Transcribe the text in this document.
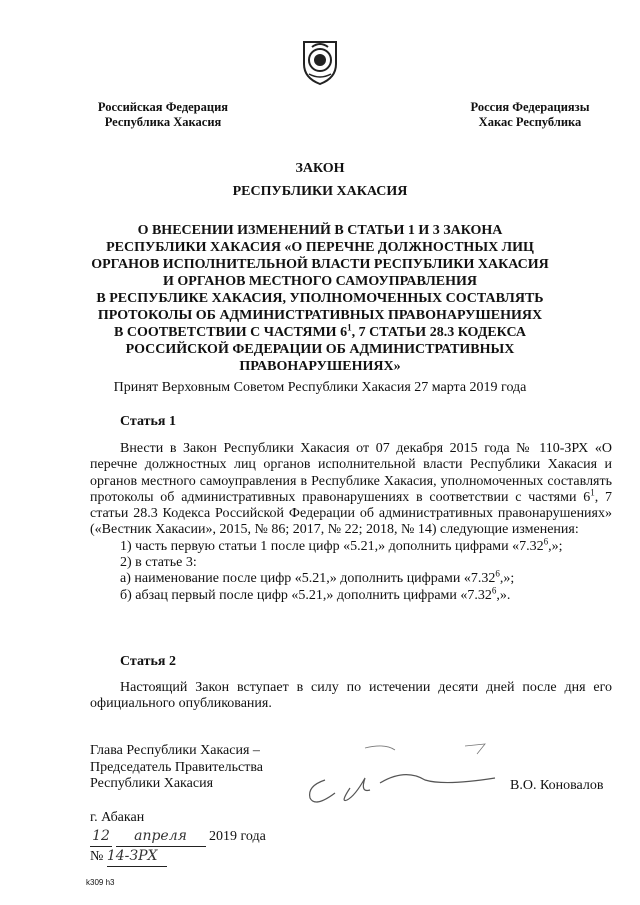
Российская Федерация
Республика Хакасия
Россия Федерациязы
Хакас Республика
ЗАКОН
РЕСПУБЛИКИ ХАКАСИЯ
О ВНЕСЕНИИ ИЗМЕНЕНИЙ В СТАТЬИ 1 И 3 ЗАКОНА
РЕСПУБЛИКИ ХАКАСИЯ «О ПЕРЕЧНЕ ДОЛЖНОСТНЫХ ЛИЦ
ОРГАНОВ ИСПОЛНИТЕЛЬНОЙ ВЛАСТИ РЕСПУБЛИКИ ХАКАСИЯ
И ОРГАНОВ МЕСТНОГО САМОУПРАВЛЕНИЯ
В РЕСПУБЛИКЕ ХАКАСИЯ, УПОЛНОМОЧЕННЫХ СОСТАВЛЯТЬ
ПРОТОКОЛЫ ОБ АДМИНИСТРАТИВНЫХ ПРАВОНАРУШЕНИЯХ
В СООТВЕТСТВИИ С ЧАСТЯМИ $6^1$, 7 СТАТЬИ 28.3 КОДЕКСА
РОССИЙСКОЙ ФЕДЕРАЦИИ ОБ АДМИНИСТРАТИВНЫХ
ПРАВОНАРУШЕНИЯХ»
Принят Верховным Советом Республики Хакасия 27 марта 2019 года
Статья 1

Внести в Закон Республики Хакасия от 07 декабря 2015 года № 110-ЗРХ «О перечне должностных лиц органов исполнительной власти Республики Хакасия и органов местного самоуправления в Республике Хакасия, уполномоченных составлять протоколы об административных правонарушениях в соответствии с частями $6^1$, 7 статьи 28.3 Кодекса Российской Федерации об административных правонарушениях» («Вестник Хакасии», 2015, № 86; 2017, № 22; 2018, № 14) следующие изменения:

1) часть первую статьи 1 после цифр «5.21,» дополнить цифрами «7.32$^6$,»;

2) в статье 3:

а) наименование после цифр «5.21,» дополнить цифрами «7.32$^6$,»;

б) абзац первый после цифр «5.21,» дополнить цифрами «7.32$^6$,».

Статья 2

Настоящий Закон вступает в силу по истечении десяти дней после дня его официального опубликования.

Глава Республики Хакасия –
Председатель Правительства
Республики Хакасия	В.О. Коновалов
г. Абакан
12 апреля 2019 года
№ 14-ЗРХ
k309 h3
